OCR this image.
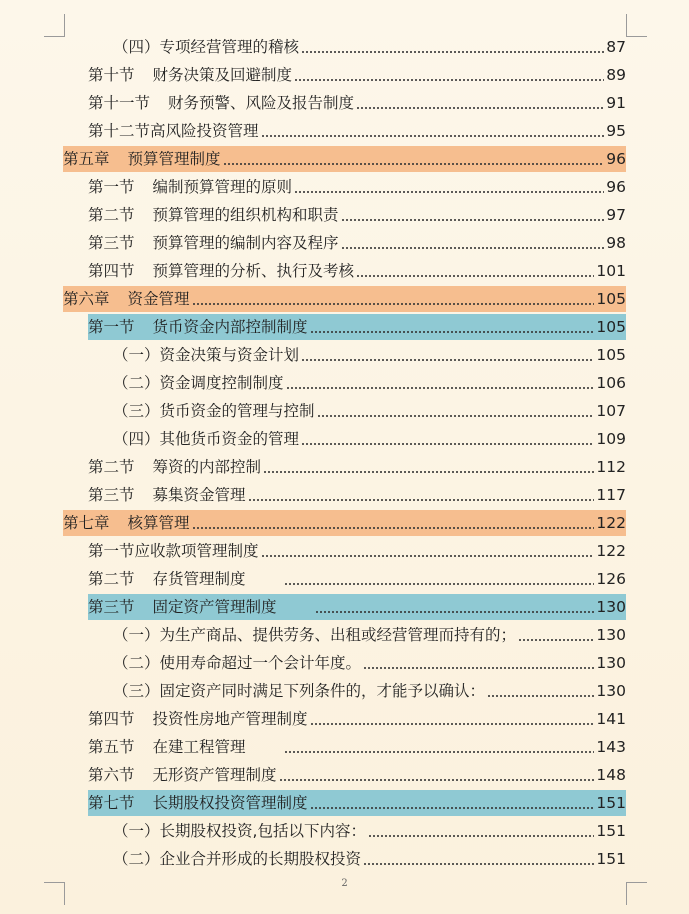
（四） 专项经营管理的稽核	87
第十节 财务决策及回避制度	89
第十一节 财务预警、风险及报告制度	91
第十二节 高风险投资管理	95
第五章 预算管理制度	96
第一节 编制预算管理的原则	96
第二节 预算管理的组织机构和职责	97
第三节 预算管理的编制内容及程序	98
第四节 预算管理的分析、执行及考核	101
第六章 资金管理	105
第一节 货币资金内部控制制度	105
（一） 资金决策与资金计划	105
（二） 资金调度控制制度	106
（三） 货币资金的管理与控制	107
（四） 其他货币资金的管理	109
第二节 筹资的内部控制	112
第三节 募集资金管理	117
第七章 核算管理	122
第一节 应收款项管理制度	122
第二节 存货管理制度	126
第三节 固定资产管理制度	130
（一） 为生产商品、提供劳务、出租或经营管理而持有的；	130
（二） 使用寿命超过一个会计年度。	130
（三） 固定资产同时满足下列条件的，才能予以确认：	130
第四节 投资性房地产管理制度	141
第五节 在建工程管理	143
第六节 无形资产管理制度	148
第七节 长期股权投资管理制度	151
（一） 长期股权投资,包括以下内容：	151
（二） 企业合并形成的长期股权投资	151
2
